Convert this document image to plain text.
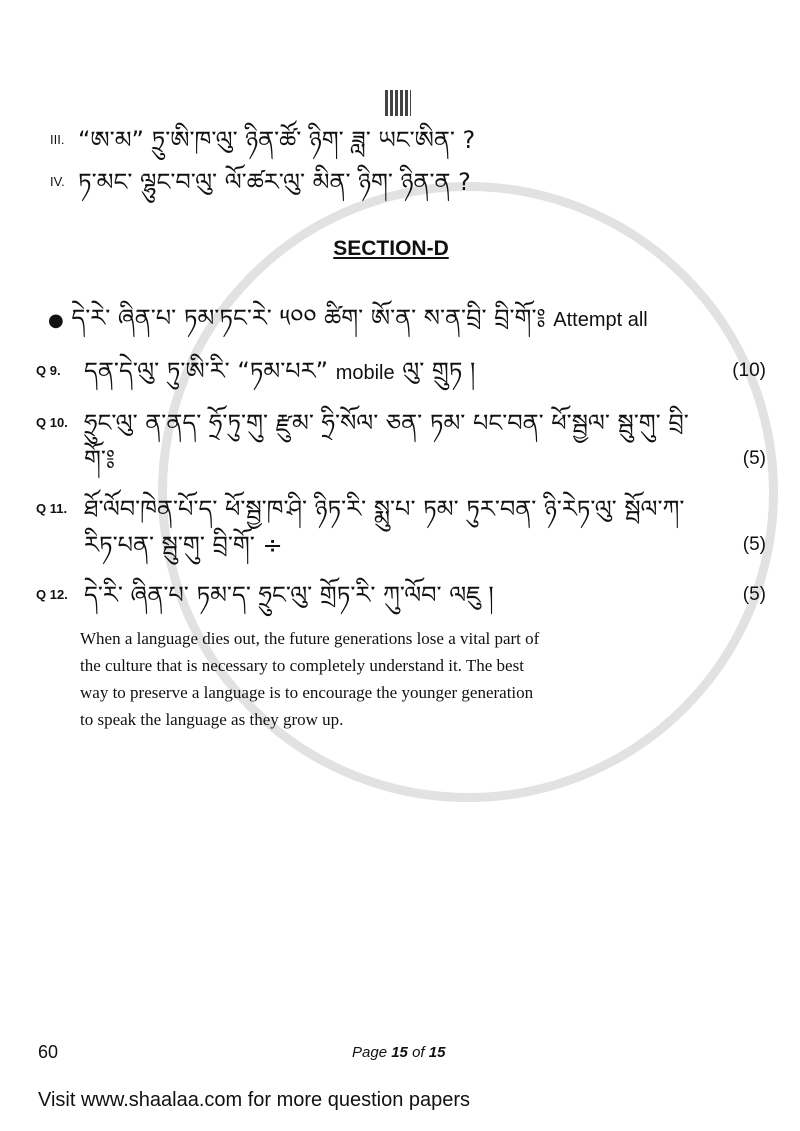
III. “ཨ་མ” ཏྲུ་ཨི་ཁ་ལུ་ ཉིན་ཚོ་ ཉིག་ ཟླ་ ཡང་ཨིན་ ?
IV. ཏ་མང་ ལྷུང་བ་ལུ་ ལོ་ཚར་ལུ་ མིན་ ཉིག་ ཉིན་ན ?
SECTION-D
● དེ་རེ་ ཞིན་པ་ ཏམ་ཏང་རེ་ ༥༠༠ ཚིག་ ཨོ་ན་ ས་ན་བྲི་ བྲི་གོ་༔ Attempt all
Q 9. དན་དེ་ལུ་ ཏུ་ཨི་རི་ “ཏམ་པར” mobile ལུ་ གྲུཏ །	(10)
Q 10. ཧྲུང་ལུ་ ན་ནད་ ཧྲོ་ཏུ་གུ་ རྫུམ་ ཧྲི་སོལ་ ཅན་ ཏམ་ པང་བན་ ཕོ་སྦྱལ་ སྦུ་གུ་ བྲི་གོ་༔	(5)
Q 11. ཐོ་ལོབ་ཁེན་པོ་ད་ ཕོ་སྦྱ་ཁ་ཤི་ ཉིཏ་རི་ སྨུ་པ་ ཏམ་ ཏུར་བན་ ཉི་རེཏ་ལུ་ སྦོལ་ཀ་
རིཏ་པན་ སྦུ་གུ་ བྲི་གོ་ ÷	(5)
Q 12. དེ་རི་ ཞིན་པ་ ཏམ་ད་ ཧྲུང་ལུ་ གྲོཏ་རི་ ཀུ་ལོབ་ ལཇུ །	(5)
When a language dies out, the future generations lose a vital part of
the culture that is necessary to completely understand it. The best
way to preserve a language is to encourage the younger generation
to speak the language as they grow up.
60	Page 15 of 15
Visit www.shaalaa.com for more question papers
